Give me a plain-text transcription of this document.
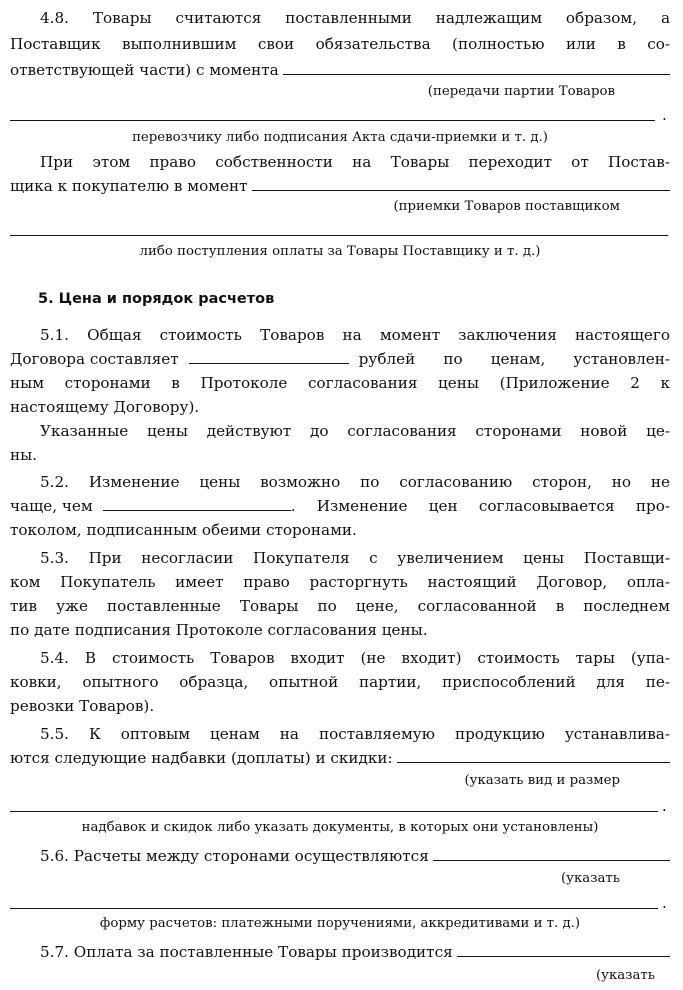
4.8. Товары считаются поставленными надлежащим образом, а
Поставщик выполнившим свои обязательства (полностью или в со-
ответствующей части) с момента
(передачи партии Товаров
.
перевозчику либо подписания Акта сдачи-приемки и т. д.)
При этом право собственности на Товары переходит от Постав-
щика к покупателю в момент
(приемки Товаров поставщиком
либо поступления оплаты за Товары Поставщику и т. д.)
5. Цена и порядок расчетов
5.1. Общая стоимость Товаров на момент заключения настоящего
Договора составляет	рублей по ценам, установлен-
ным сторонами в Протоколе согласования цены (Приложение 2 к
настоящему Договору).
Указанные цены действуют до согласования сторонами новой це-
ны.
5.2. Изменение цены возможно по согласованию сторон, но не
чаще, чем	. Изменение цен согласовывается про-
токолом, подписанным обеими сторонами.
5.3. При несогласии Покупателя с увеличением цены Поставщи-
ком Покупатель имеет право расторгнуть настоящий Договор, опла-
тив уже поставленные Товары по цене, согласованной в последнем
по дате подписания Протоколе согласования цены.
5.4. В стоимость Товаров входит (не входит) стоимость тары (упа-
ковки, опытного образца, опытной партии, приспособлений для пе-
ревозки Товаров).
5.5. К оптовым ценам на поставляемую продукцию устанавлива-
ются следующие надбавки (доплаты) и скидки:
(указать вид и размер
.
надбавок и скидок либо указать документы, в которых они установлены)
5.6. Расчеты между сторонами осуществляются
(указать
.
форму расчетов: платежными поручениями, аккредитивами и т. д.)
5.7. Оплата за поставленные Товары производится
(указать
